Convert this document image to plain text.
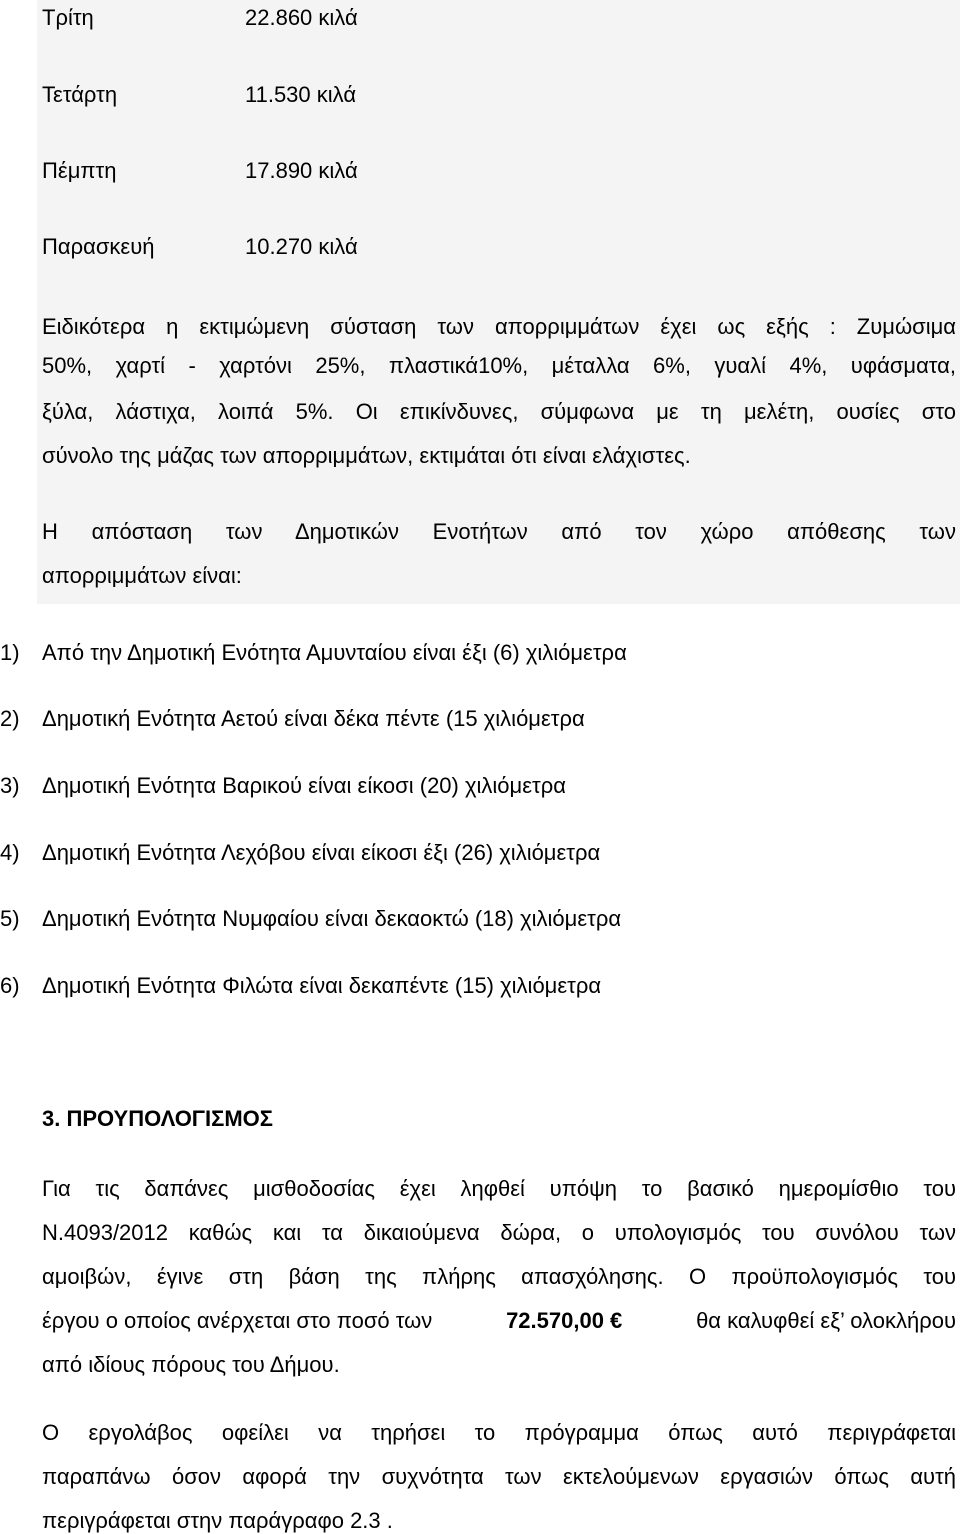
Τρίτη	22.860 κιλά
Τετάρτη	11.530 κιλά
Πέμπτη	17.890 κιλά
Παρασκευή	10.270 κιλά
Ειδικότερα η εκτιμώμενη σύσταση των απορριμμάτων έχει ως εξής : Ζυμώσιμα
50%, χαρτί - χαρτόνι 25%, πλαστικά10%, μέταλλα 6%, γυαλί 4%, υφάσματα,
ξύλα, λάστιχα, λοιπά 5%. Οι επικίνδυνες, σύμφωνα με τη μελέτη, ουσίες στο
σύνολο της μάζας των απορριμμάτων, εκτιμάται ότι είναι ελάχιστες.
Η απόσταση των Δημοτικών Ενοτήτων από τον χώρο απόθεσης των
απορριμμάτων είναι:
1) Από την Δημοτική Ενότητα Αμυνταίου είναι έξι (6) χιλιόμετρα
2) Δημοτική Ενότητα Αετού είναι δέκα πέντε (15 χιλιόμετρα
3) Δημοτική Ενότητα Βαρικού είναι είκοσι (20) χιλιόμετρα
4) Δημοτική Ενότητα Λεχόβου είναι είκοσι έξι (26) χιλιόμετρα
5) Δημοτική Ενότητα Νυμφαίου είναι δεκαοκτώ (18) χιλιόμετρα
6) Δημοτική Ενότητα Φιλώτα είναι δεκαπέντε (15) χιλιόμετρα
3. ΠΡΟΥΠΟΛΟΓΙΣΜΟΣ
Για τις δαπάνες μισθοδοσίας έχει ληφθεί υπόψη το βασικό ημερομίσθιο του
Ν.4093/2012 καθώς και τα δικαιούμενα δώρα, ο υπολογισμός του συνόλου των
αμοιβών, έγινε στη βάση της πλήρης απασχόλησης. Ο προϋπολογισμός του
έργου ο οποίος ανέρχεται στο ποσό των	72.570,00 €	θα καλυφθεί εξ’ ολοκλήρου
από ιδίους πόρους του Δήμου.
Ο εργολάβος οφείλει να τηρήσει το πρόγραμμα όπως αυτό περιγράφεται
παραπάνω όσον αφορά την συχνότητα των εκτελούμενων εργασιών όπως αυτή
περιγράφεται στην παράγραφο 2.3 .
